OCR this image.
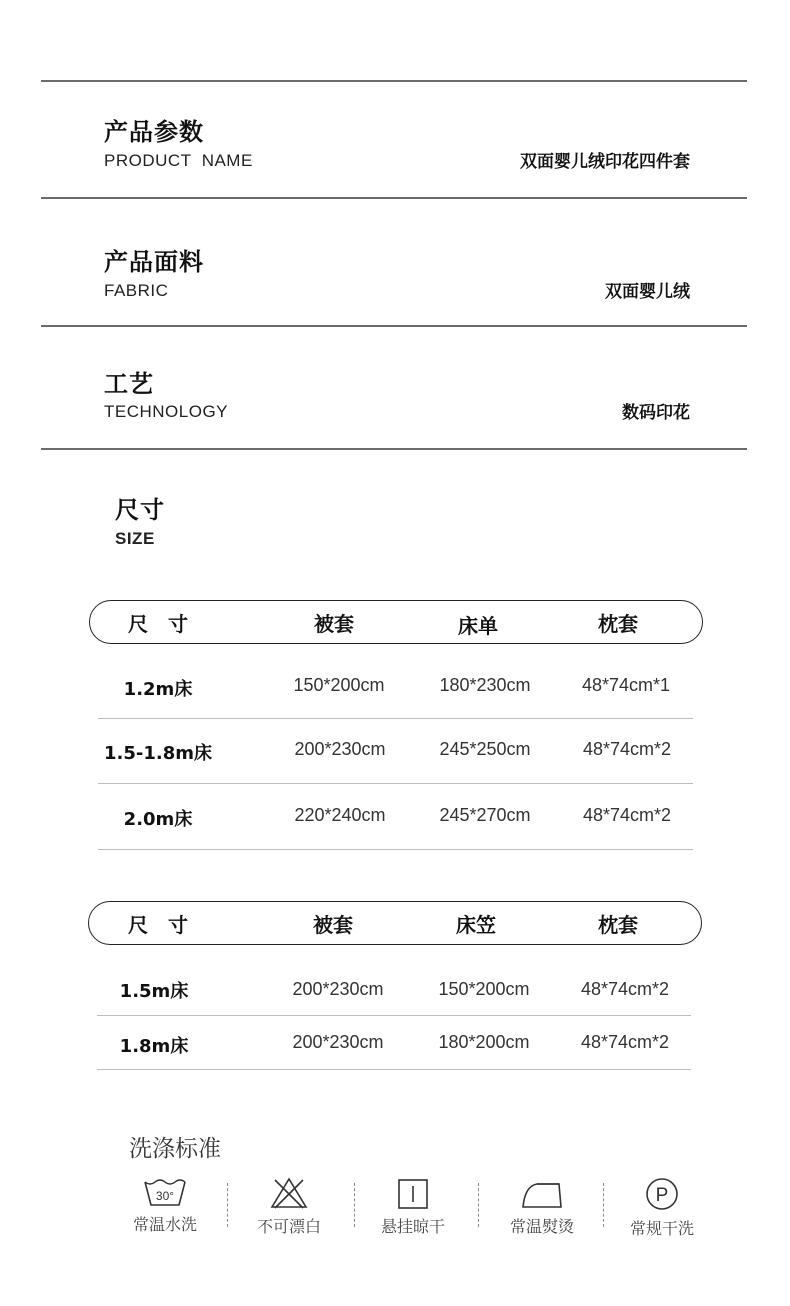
产品参数
PRODUCT  NAME	双面婴儿绒印花四件套
产品面料
FABRIC	双面婴儿绒
工艺
TECHNOLOGY	数码印花
尺寸
SIZE
尺　寸	被套	床单	枕套
1.2m床	150*200cm	180*230cm	48*74cm*1
1.5-1.8m床	200*230cm	245*250cm	48*74cm*2
2.0m床	220*240cm	245*270cm	48*74cm*2
尺　寸	被套	床笠	枕套
1.5m床	200*230cm	150*200cm	48*74cm*2
1.8m床	200*230cm	180*200cm	48*74cm*2
洗涤标准
30°
常温水洗	不可漂白	悬挂晾干	常温熨烫
P
常规干洗
